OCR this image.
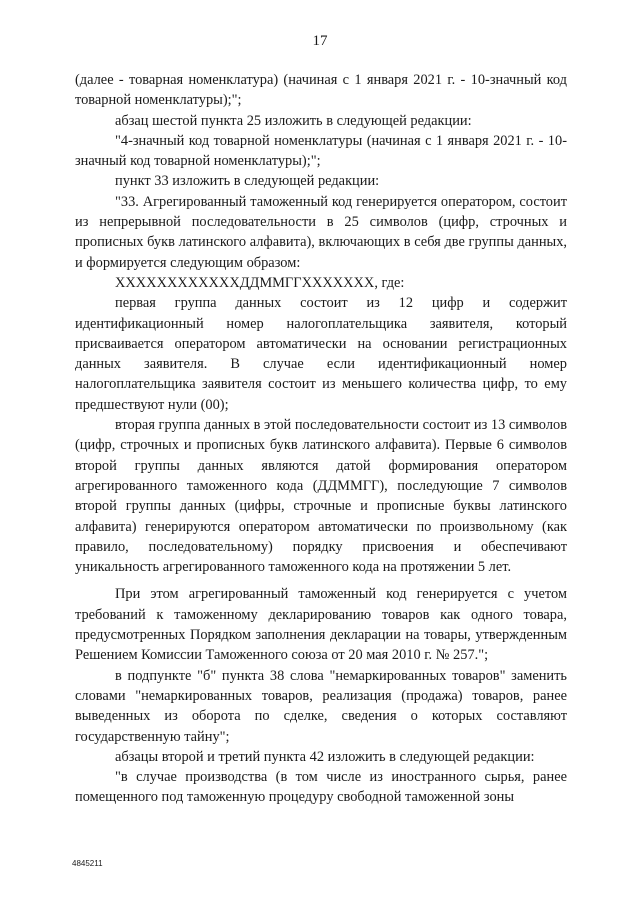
17

(далее - товарная номенклатура) (начиная с 1 января 2021 г. - 10-значный код товарной номенклатуры);";

абзац шестой пункта 25 изложить в следующей редакции:

"4-значный код товарной номенклатуры (начиная с 1 января 2021 г. - 10-значный код товарной номенклатуры);";

пункт 33 изложить в следующей редакции:

"33. Агрегированный таможенный код генерируется оператором, состоит из непрерывной последовательности в 25 символов (цифр, строчных и прописных букв латинского алфавита), включающих в себя две группы данных, и формируется следующим образом:

ХХХХХХХХХХХХДДММГГХХХХХХХ, где:

первая группа данных состоит из 12 цифр и содержит идентификационный номер налогоплательщика заявителя, который присваивается оператором автоматически на основании регистрационных данных заявителя. В случае если идентификационный номер налогоплательщика заявителя состоит из меньшего количества цифр, то ему предшествуют нули (00);

вторая группа данных в этой последовательности состоит из 13 символов (цифр, строчных и прописных букв латинского алфавита). Первые 6 символов второй группы данных являются датой формирования оператором агрегированного таможенного кода (ДДММГГ), последующие 7 символов второй группы данных (цифры, строчные и прописные буквы латинского алфавита) генерируются оператором автоматически по произвольному (как правило, последовательному) порядку присвоения и обеспечивают уникальность агрегированного таможенного кода на протяжении 5 лет.

При этом агрегированный таможенный код генерируется с учетом требований к таможенному декларированию товаров как одного товара, предусмотренных Порядком заполнения декларации на товары, утвержденным Решением Комиссии Таможенного союза от 20 мая 2010 г. № 257.";

в подпункте "б" пункта 38 слова "немаркированных товаров" заменить словами "немаркированных товаров, реализация (продажа) товаров, ранее выведенных из оборота по сделке, сведения о которых составляют государственную тайну";

абзацы второй и третий пункта 42 изложить в следующей редакции:

"в случае производства (в том числе из иностранного сырья, ранее помещенного под таможенную процедуру свободной таможенной зоны

4845211
